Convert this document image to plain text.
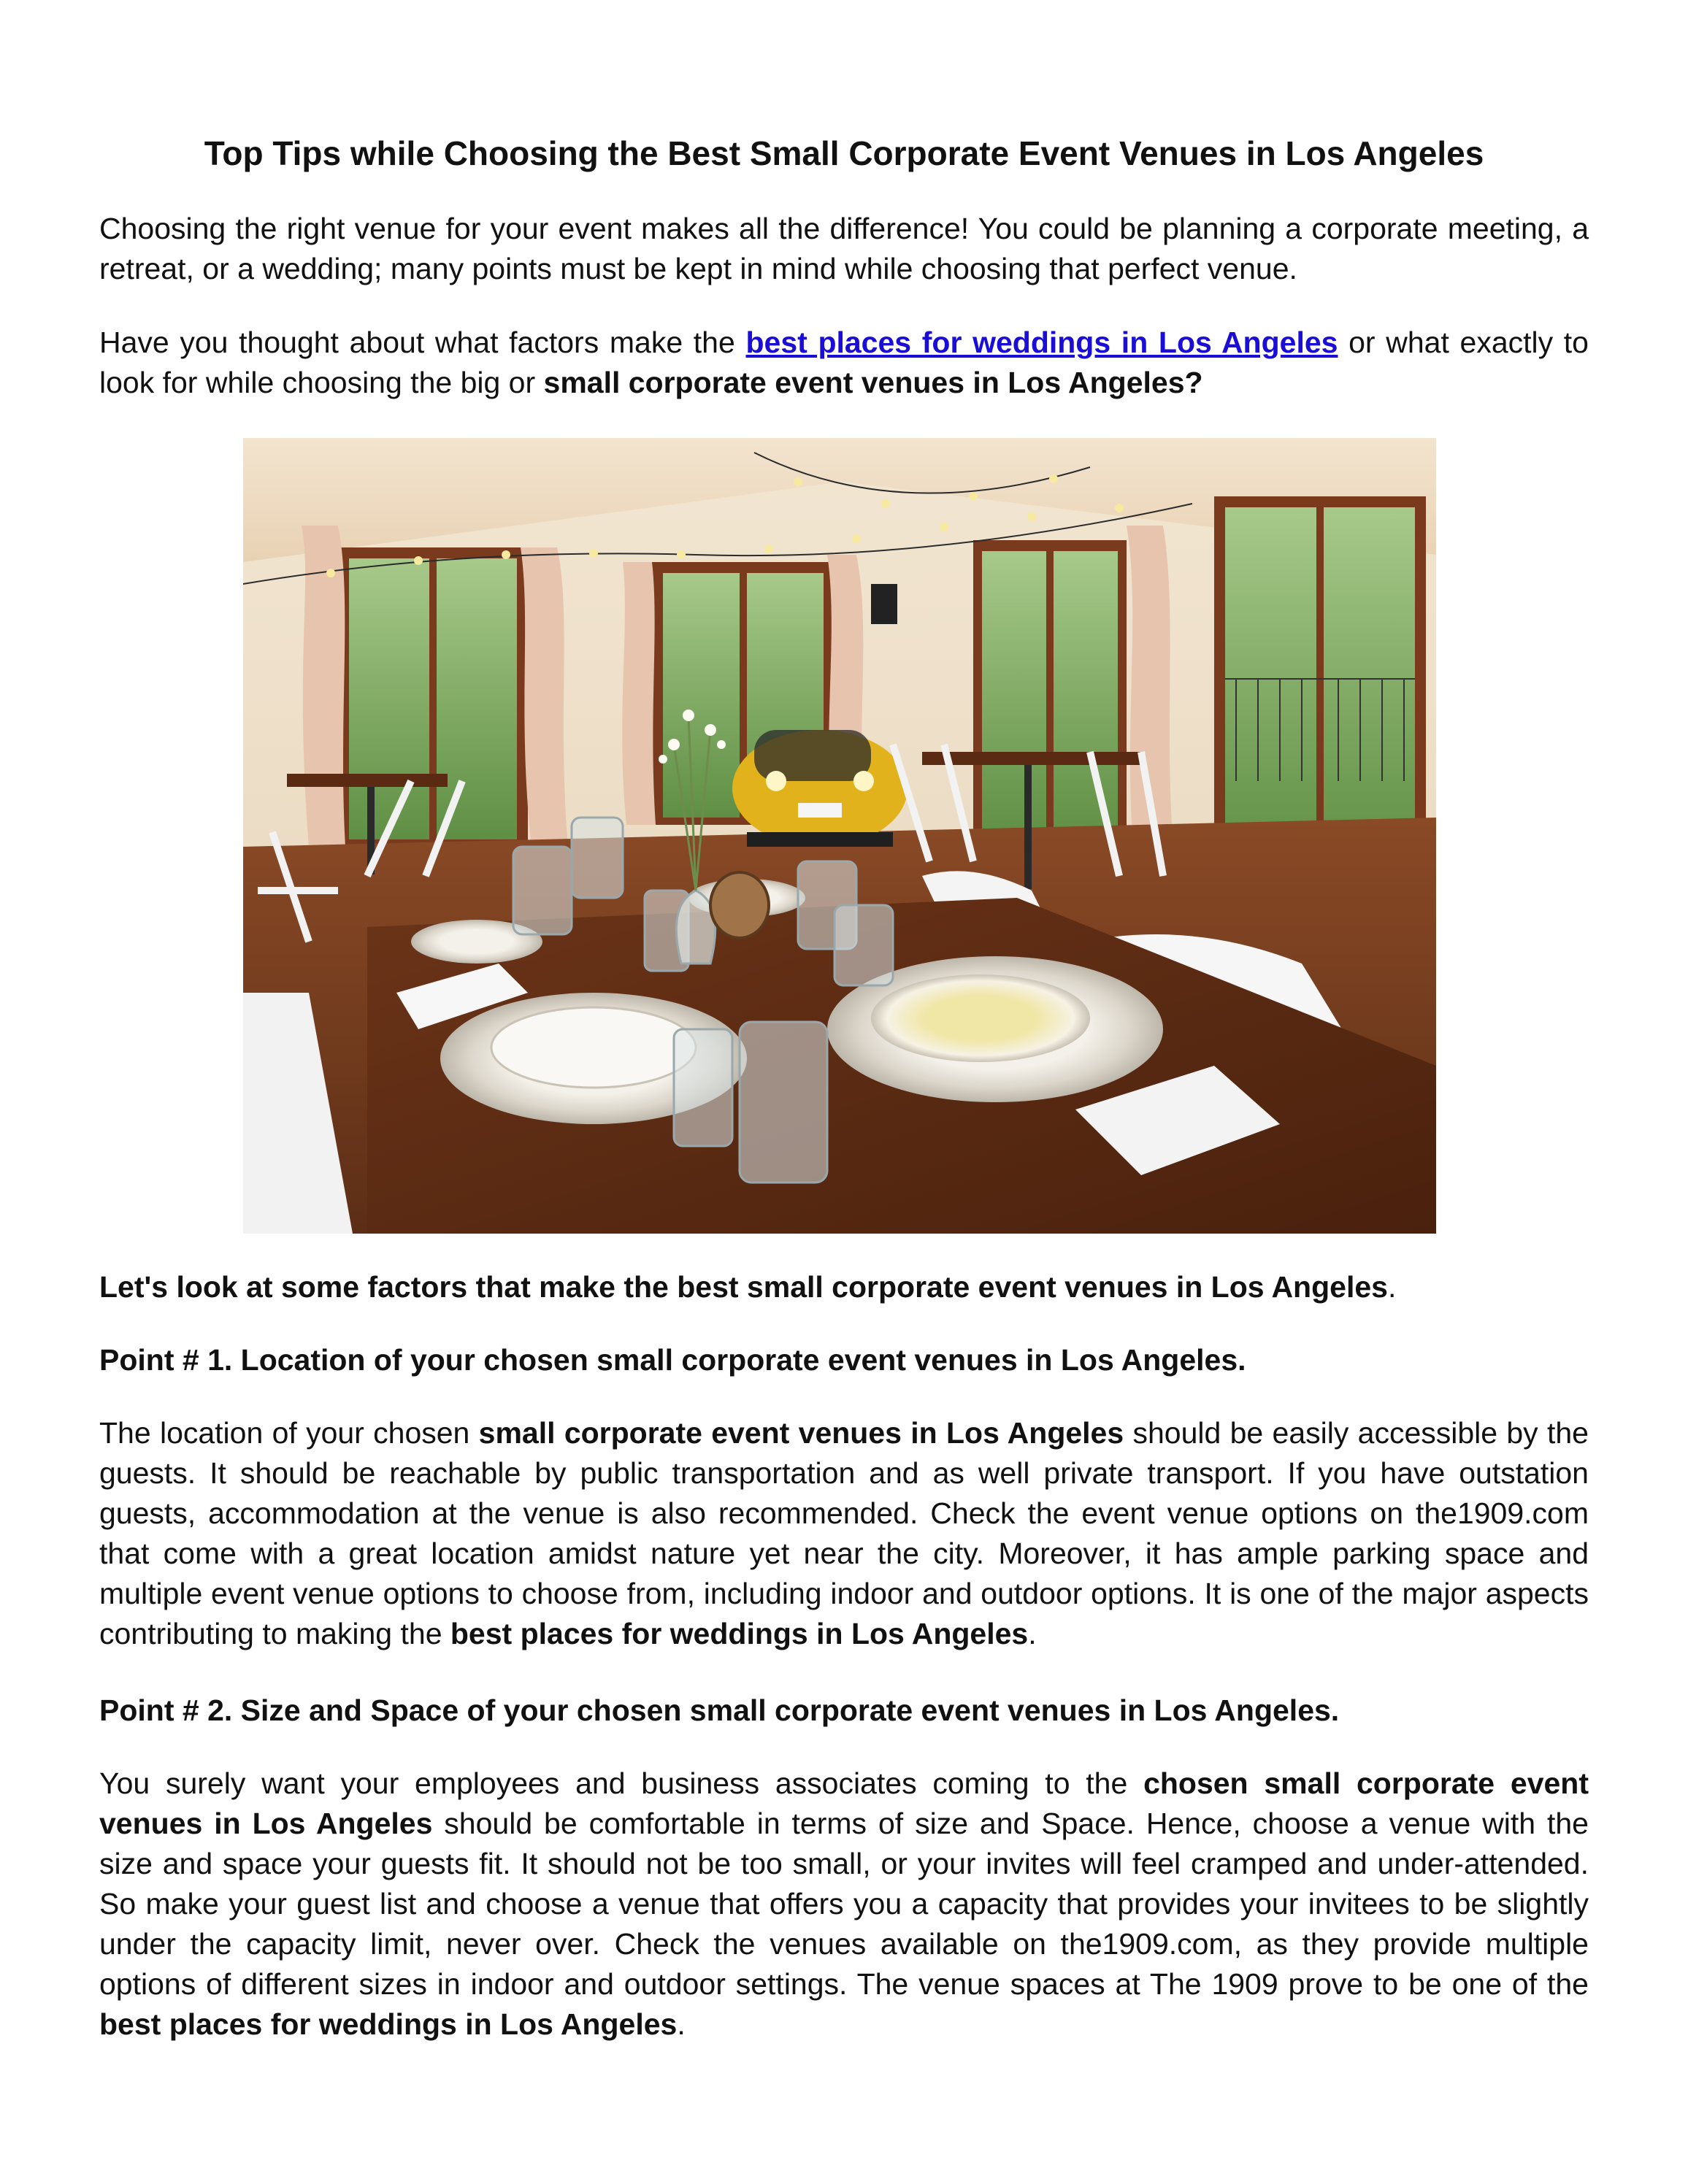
Top Tips while Choosing the Best Small Corporate Event Venues in Los Angeles

Choosing the right venue for your event makes all the difference! You could be planning a corporate meeting, a retreat, or a wedding; many points must be kept in mind while choosing that perfect venue.

Have you thought about what factors make the best places for weddings in Los Angeles or what exactly to look for while choosing the big or small corporate event venues in Los Angeles?

Let's look at some factors that make the best small corporate event venues in Los Angeles.

Point # 1. Location of your chosen small corporate event venues in Los Angeles.

The location of your chosen small corporate event venues in Los Angeles should be easily accessible by the guests. It should be reachable by public transportation and as well private transport. If you have outstation guests, accommodation at the venue is also recommended. Check the event venue options on the1909.com that come with a great location amidst nature yet near the city. Moreover, it has ample parking space and multiple event venue options to choose from, including indoor and outdoor options. It is one of the major aspects contributing to making the best places for weddings in Los Angeles.

Point # 2. Size and Space of your chosen small corporate event venues in Los Angeles.

You surely want your employees and business associates coming to the chosen small corporate event venues in Los Angeles should be comfortable in terms of size and Space. Hence, choose a venue with the size and space your guests fit. It should not be too small, or your invites will feel cramped and under-attended. So make your guest list and choose a venue that offers you a capacity that provides your invitees to be slightly under the capacity limit, never over. Check the venues available on the1909.com, as they provide multiple options of different sizes in indoor and outdoor settings. The venue spaces at The 1909 prove to be one of the best places for weddings in Los Angeles.
